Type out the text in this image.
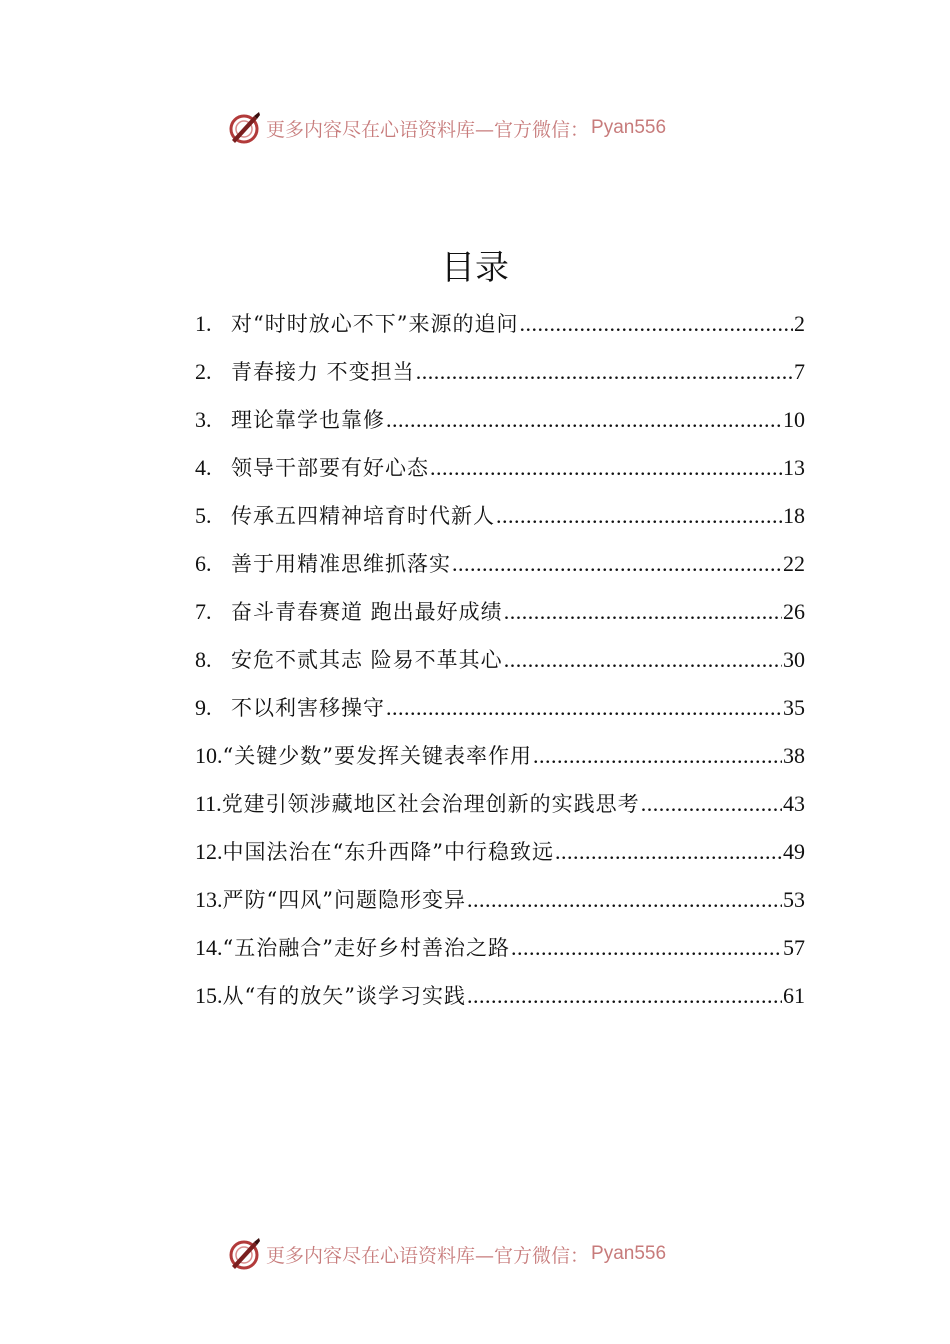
更多内容尽在心语资料库—官方微信： Pyan556
目录
1. 对“时时放心不下”来源的追问 .....	2
2. 青春接力 不变担当 .....	7
3. 理论靠学也靠修 .....	10
4. 领导干部要有好心态 .....	13
5. 传承五四精神培育时代新人 .....	18
6. 善于用精准思维抓落实 .....	22
7. 奋斗青春赛道 跑出最好成绩 .....	26
8. 安危不贰其志 险易不革其心 .....	30
9. 不以利害移操守 .....	35
10. “关键少数”要发挥关键表率作用 .....	38
11. 党建引领涉藏地区社会治理创新的实践思考 .....	43
12. 中国法治在“东升西降”中行稳致远 .....	49
13. 严防“四风”问题隐形变异 .....	53
14. “五治融合”走好乡村善治之路 .....	57
15. 从“有的放矢”谈学习实践 .....	61
更多内容尽在心语资料库—官方微信： Pyan556
